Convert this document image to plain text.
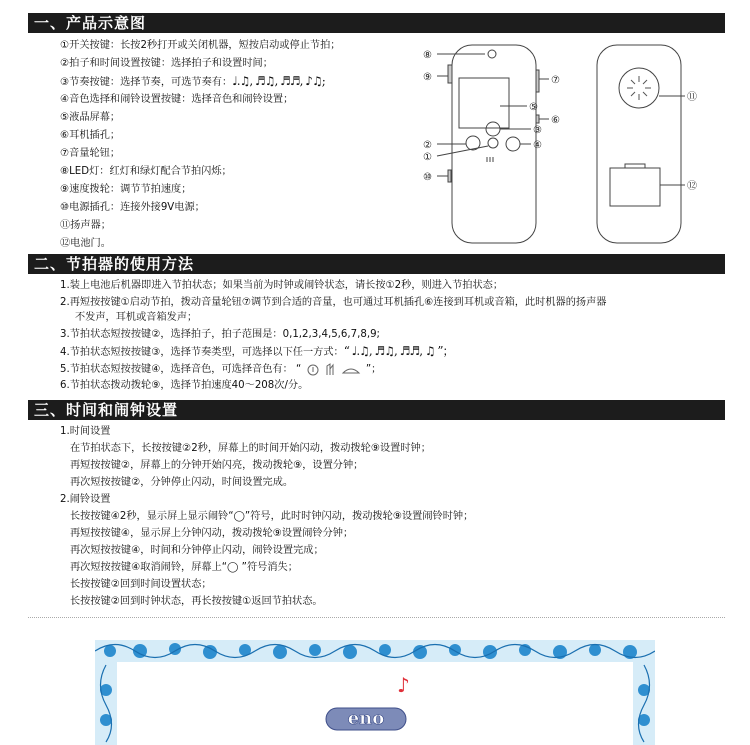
一、产品示意图
①开关按键：长按2秒打开或关闭机器，短按启动或停止节拍；
②拍子和时间设置按键：选择拍子和设置时间；
③节奏按键：选择节奏，可选节奏有：♩.♫, ♬♫, ♬♬, ♪♫;
④音色选择和闹铃设置按键：选择音色和闹铃设置；
⑤液晶屏幕；
⑥耳机插孔；
⑦音量轮钮；
⑧LED灯：红灯和绿灯配合节拍闪烁；
⑨速度拨轮：调节节拍速度；
⑩电源插孔：连接外接9V电源；
⑪扬声器；
⑫电池门。
⑧
⑨	⑦
⑤
⑥
③
②	④
①
⑩
⑪
⑫
二、节拍器的使用方法
1.装上电池后机器即进入节拍状态；如果当前为时钟或闹铃状态，请长按①2秒，则进入节拍状态；
2.再短按按键①启动节拍，拨动音量轮钮⑦调节到合适的音量，也可通过耳机插孔⑥连接到耳机或音箱，此时机器的扬声器
不发声，耳机或音箱发声；
3.节拍状态短按按键②，选择拍子，拍子范围是：0,1,2,3,4,5,6,7,8,9;
4.节拍状态短按按键③，选择节奏类型，可选择以下任一方式：“ ♩.♫, ♬♫, ♬♬, ♫ ”；
5.节拍状态短按按键④，选择音色，可选择音色有： “	”；
6.节拍状态拨动拨轮⑨，选择节拍速度40～208次/分。
三、时间和闹钟设置
1.时间设置
在节拍状态下，长按按键②2秒，屏幕上的时间开始闪动，拨动拨轮⑨设置时钟；
再短按按键②，屏幕上的分钟开始闪亮，拨动拨轮⑨，设置分钟；
再次短按按键②，分钟停止闪动，时间设置完成。
2.闹铃设置
长按按键④2秒，显示屏上显示闹铃“◯”符号，此时时钟闪动，拨动拨轮⑨设置闹铃时钟；
再短按按键④，显示屏上分钟闪动，拨动拨轮⑨设置闹铃分钟；
再次短按按键④，时间和分钟停止闪动，闹铃设置完成；
再次短按按键④取消闹铃，屏幕上“◯ ”符号消失；
长按按键②回到时间设置状态；
长按按键②回到时钟状态，再长按按键①返回节拍状态。
♪
eno
